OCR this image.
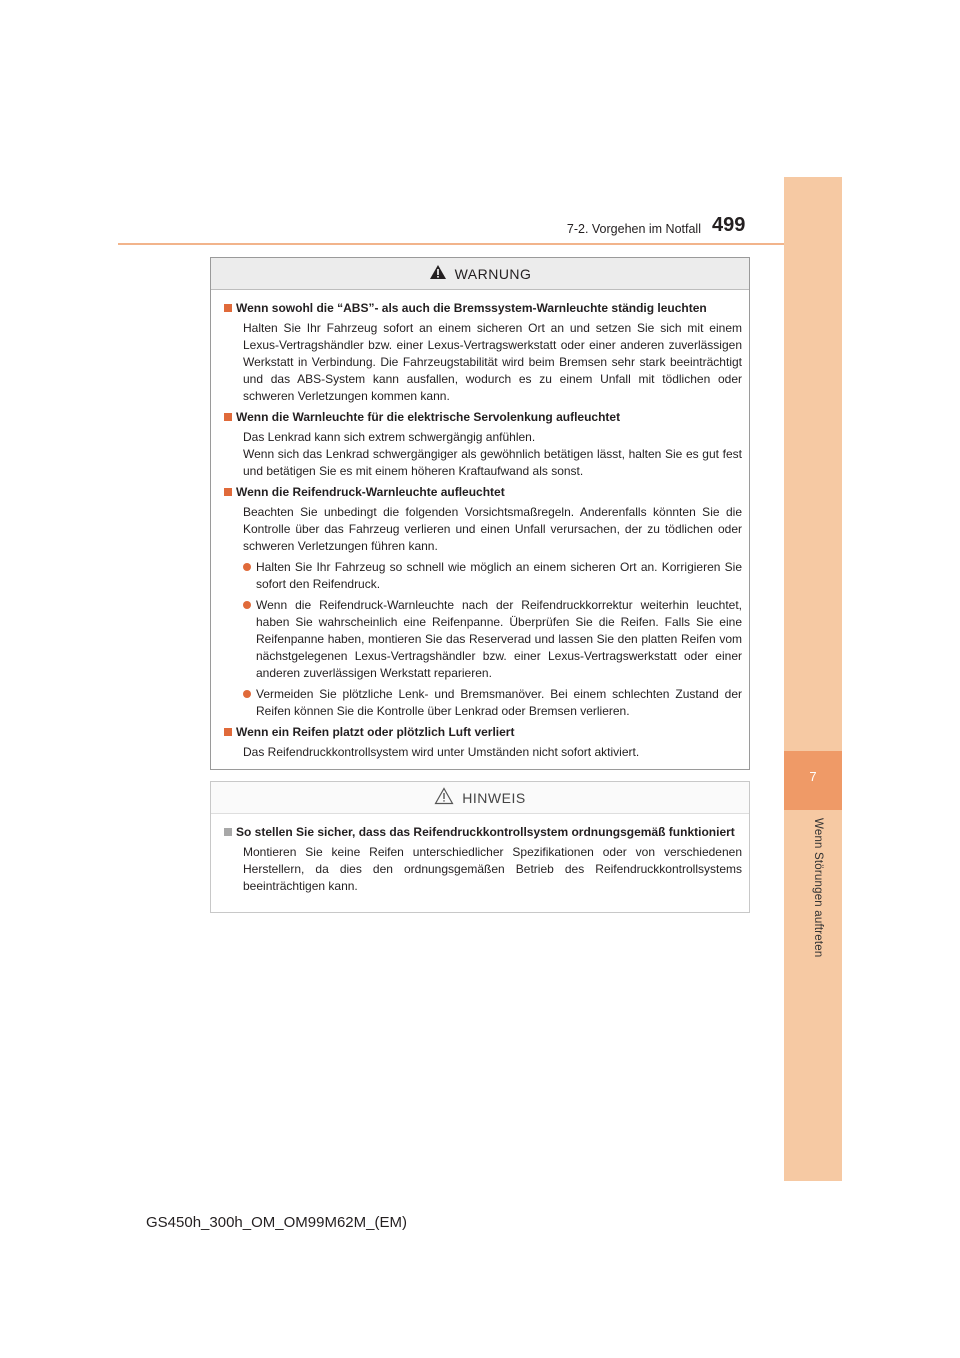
7
Wenn Störungen auftreten
7-2. Vorgehen im Notfall 499
WARNUNG
Wenn sowohl die “ABS”- als auch die Bremssystem-Warnleuchte ständig leuchten
Halten Sie Ihr Fahrzeug sofort an einem sicheren Ort an und setzen Sie sich mit einem Lexus-Vertragshändler bzw. einer Lexus-Vertragswerkstatt oder einer anderen zuverlässigen Werkstatt in Verbindung. Die Fahrzeugstabilität wird beim Bremsen sehr stark beeinträchtigt und das ABS-System kann ausfallen, wodurch es zu einem Unfall mit tödlichen oder schweren Verletzungen kommen kann.
Wenn die Warnleuchte für die elektrische Servolenkung aufleuchtet
Das Lenkrad kann sich extrem schwergängig anfühlen.
Wenn sich das Lenkrad schwergängiger als gewöhnlich betätigen lässt, halten Sie es gut fest und betätigen Sie es mit einem höheren Kraftaufwand als sonst.
Wenn die Reifendruck-Warnleuchte aufleuchtet
Beachten Sie unbedingt die folgenden Vorsichtsmaßregeln. Anderenfalls könnten Sie die Kontrolle über das Fahrzeug verlieren und einen Unfall verursachen, der zu tödlichen oder schweren Verletzungen führen kann.
Halten Sie Ihr Fahrzeug so schnell wie möglich an einem sicheren Ort an. Korrigieren Sie sofort den Reifendruck.
Wenn die Reifendruck-Warnleuchte nach der Reifendruckkorrektur weiterhin leuchtet, haben Sie wahrscheinlich eine Reifenpanne. Überprüfen Sie die Reifen. Falls Sie eine Reifenpanne haben, montieren Sie das Reserverad und lassen Sie den platten Reifen vom nächstgelegenen Lexus-Vertragshändler bzw. einer Lexus-Vertragswerkstatt oder einer anderen zuverlässigen Werkstatt reparieren.
Vermeiden Sie plötzliche Lenk- und Bremsmanöver. Bei einem schlechten Zustand der Reifen können Sie die Kontrolle über Lenkrad oder Bremsen verlieren.
Wenn ein Reifen platzt oder plötzlich Luft verliert
Das Reifendruckkontrollsystem wird unter Umständen nicht sofort aktiviert.
HINWEIS
So stellen Sie sicher, dass das Reifendruckkontrollsystem ordnungsgemäß funktioniert
Montieren Sie keine Reifen unterschiedlicher Spezifikationen oder von verschiedenen Herstellern, da dies den ordnungsgemäßen Betrieb des Reifendruckkontrollsystems beeinträchtigen kann.
GS450h_300h_OM_OM99M62M_(EM)
